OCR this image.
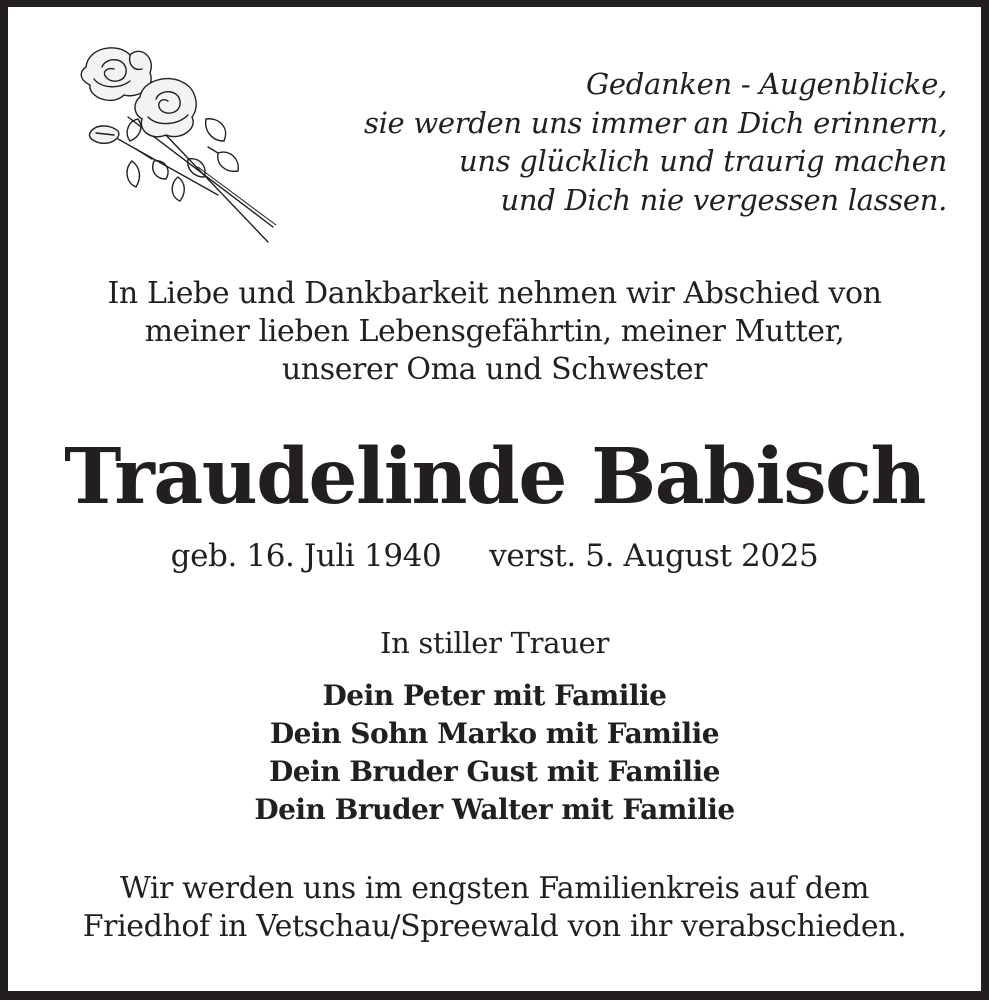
Gedanken - Augenblicke,
sie werden uns immer an Dich erinnern,
uns glücklich und traurig machen
und Dich nie vergessen lassen.
In Liebe und Dankbarkeit nehmen wir Abschied von
meiner lieben Lebensgefährtin, meiner Mutter,
unserer Oma und Schwester
Traudelinde Babisch
geb. 16. Juli 1940 verst. 5. August 2025
In stiller Trauer
Dein Peter mit Familie
Dein Sohn Marko mit Familie
Dein Bruder Gust mit Familie
Dein Bruder Walter mit Familie
Wir werden uns im engsten Familienkreis auf dem
Friedhof in Vetschau/Spreewald von ihr verabschieden.
